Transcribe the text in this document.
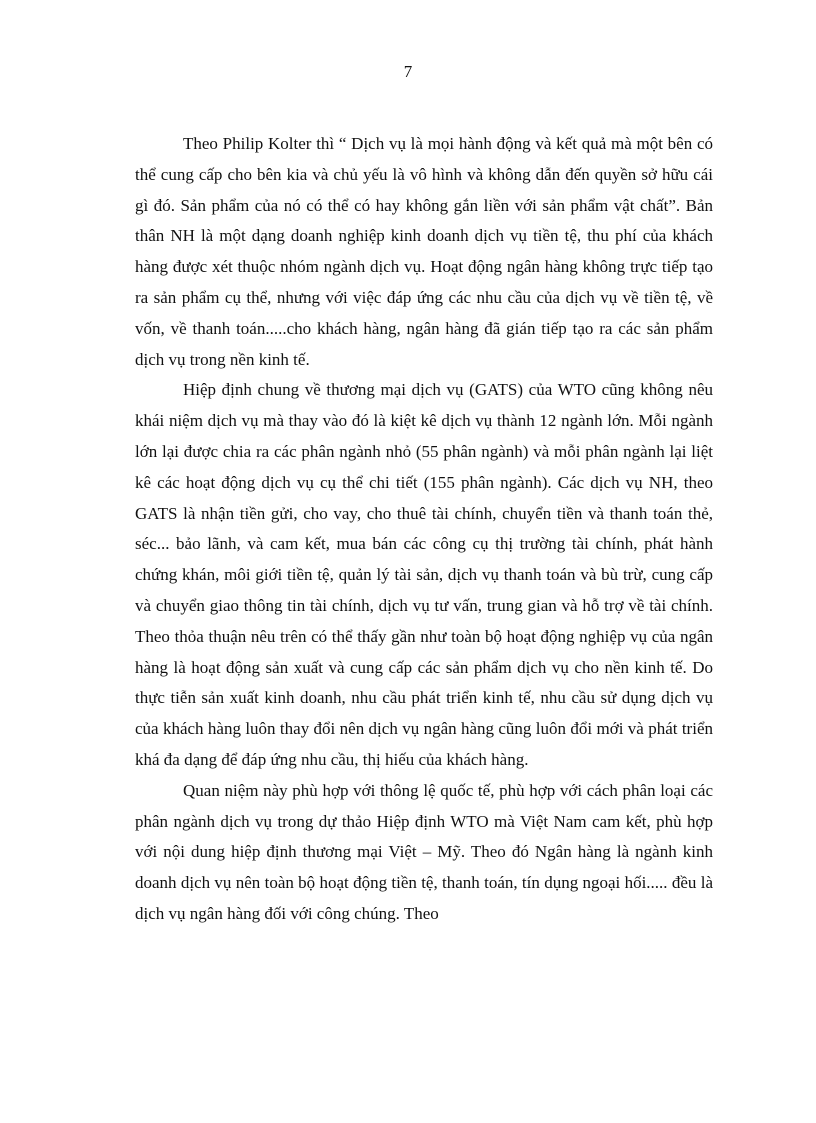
7

Theo Philip Kolter thì “ Dịch vụ là mọi hành động và kết quả mà một bên có thể cung cấp cho bên kia và chủ yếu là vô hình và không dẫn đến quyền sở hữu cái gì đó. Sản phẩm của nó có thể có hay không gắn liền với sản phẩm vật chất”. Bản thân NH là một dạng doanh nghiệp kinh doanh dịch vụ tiền tệ, thu phí của khách hàng được xét thuộc nhóm ngành dịch vụ. Hoạt động ngân hàng không trực tiếp tạo ra sản phẩm cụ thể, nhưng với việc đáp ứng các nhu cầu của dịch vụ về tiền tệ, về vốn, về thanh toán.....cho khách hàng, ngân hàng đã gián tiếp tạo ra các sản phẩm dịch vụ trong nền kinh tế.

Hiệp định chung về thương mại dịch vụ (GATS) của WTO cũng không nêu khái niệm dịch vụ mà thay vào đó là kiệt kê dịch vụ thành 12 ngành lớn. Mỗi ngành lớn lại được chia ra các phân ngành nhỏ (55 phân ngành) và mỗi phân ngành lại liệt kê các hoạt động dịch vụ cụ thể chi tiết (155 phân ngành). Các dịch vụ NH, theo GATS là nhận tiền gửi, cho vay, cho thuê tài chính, chuyển tiền và thanh toán thẻ, séc... bảo lãnh, và cam kết, mua bán các công cụ thị trường tài chính, phát hành chứng khán, môi giới tiền tệ, quản lý tài sản, dịch vụ thanh toán và bù trừ, cung cấp và chuyển giao thông tin tài chính, dịch vụ tư vấn, trung gian và hỗ trợ về tài chính. Theo thỏa thuận nêu trên có thể thấy gần như toàn bộ hoạt động nghiệp vụ của ngân hàng là hoạt động sản xuất và cung cấp các sản phẩm dịch vụ cho nền kinh tế. Do thực tiễn sản xuất kinh doanh, nhu cầu phát triển kinh tế, nhu cầu sử dụng dịch vụ của khách hàng luôn thay đổi nên dịch vụ ngân hàng cũng luôn đổi mới và phát triển khá đa dạng để đáp ứng nhu cầu, thị hiếu của khách hàng.

Quan niệm này phù hợp với thông lệ quốc tế, phù hợp với cách phân loại các phân ngành dịch vụ trong dự thảo Hiệp định WTO mà Việt Nam cam kết, phù hợp với nội dung hiệp định thương mại Việt – Mỹ. Theo đó Ngân hàng là ngành kinh doanh dịch vụ nên toàn bộ hoạt động tiền tệ, thanh toán, tín dụng ngoại hối..... đều là dịch vụ ngân hàng đối với công chúng. Theo
